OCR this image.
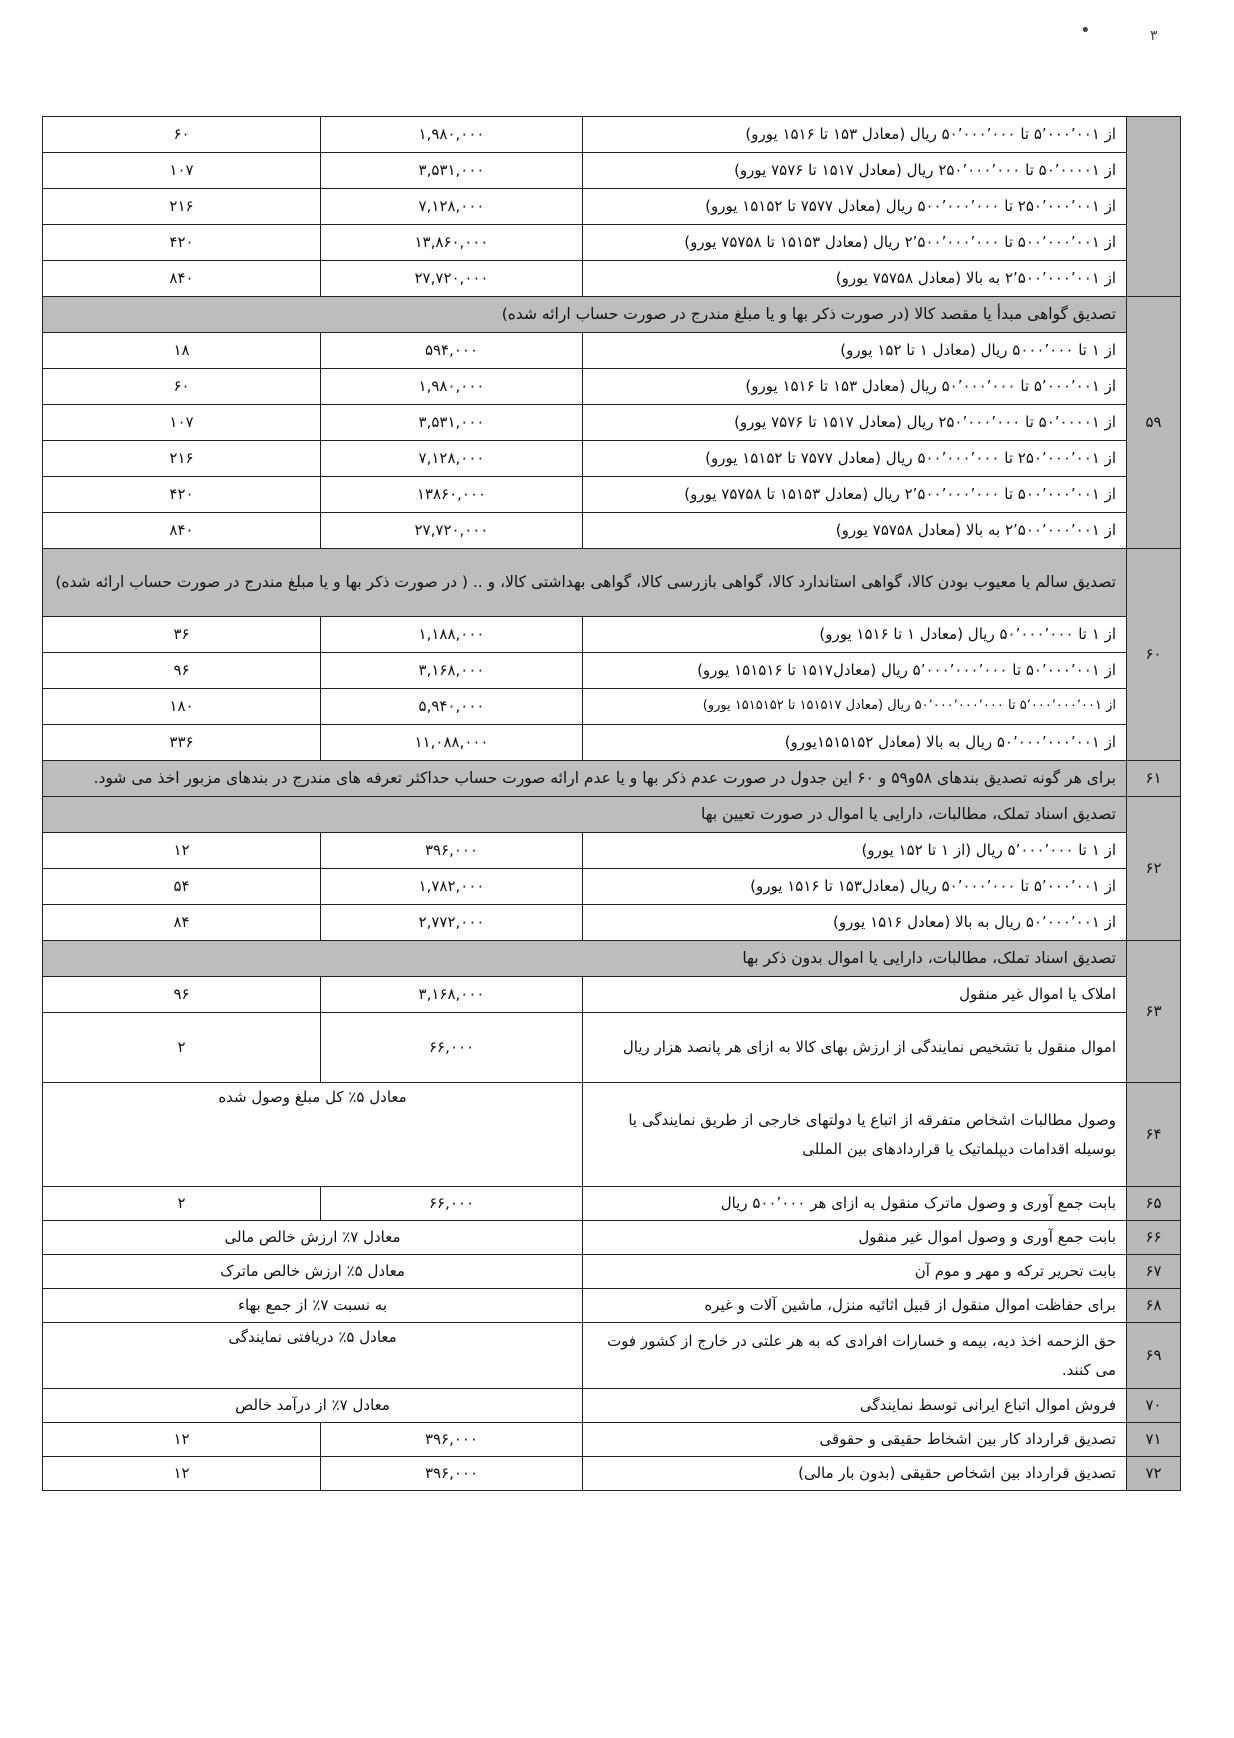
•	۳
	از ۵٬۰۰۰٬۰۰۱ تا ۵۰٬۰۰۰٬۰۰۰ ریال (معادل ۱۵۳ تا ۱۵۱۶ یورو)	۱,۹۸۰,۰۰۰	۶۰
	از ۵۰٬۰۰۰۰۱ تا ۲۵۰٬۰۰۰٬۰۰۰ ریال (معادل ۱۵۱۷ تا ۷۵۷۶ یورو)	۳,۵۳۱,۰۰۰	۱۰۷
	از ۲۵۰٬۰۰۰٬۰۰۱ تا ۵۰۰٬۰۰۰٬۰۰۰ ریال (معادل ۷۵۷۷ تا ۱۵۱۵۲ یورو)	۷,۱۲۸,۰۰۰	۲۱۶
	از ۵۰۰٬۰۰۰٬۰۰۱ تا ۲٬۵۰۰٬۰۰۰٬۰۰۰ ریال (معادل ۱۵۱۵۳ تا ۷۵۷۵۸ یورو)	۱۳,۸۶۰,۰۰۰	۴۲۰
	از ۲٬۵۰۰٬۰۰۰٬۰۰۱ به بالا (معادل ۷۵۷۵۸ یورو)	۲۷,۷۲۰,۰۰۰	۸۴۰
۵۹	تصدیق گواهی مبدأ یا مقصد کالا (در صورت ذکر بها و یا مبلغ مندرج در صورت حساب ارائه شده)		
	از ۱ تا ۵۰۰۰٬۰۰۰ ریال (معادل ۱ تا ۱۵۲ یورو)	۵۹۴,۰۰۰	۱۸
	از ۵٬۰۰۰٬۰۰۱ تا ۵۰٬۰۰۰٬۰۰۰ ریال (معادل ۱۵۳ تا ۱۵۱۶ یورو)	۱,۹۸۰,۰۰۰	۶۰
	از ۵۰٬۰۰۰۰۱ تا ۲۵۰٬۰۰۰٬۰۰۰ ریال (معادل ۱۵۱۷ تا ۷۵۷۶ یورو)	۳,۵۳۱,۰۰۰	۱۰۷
	از ۲۵۰٬۰۰۰٬۰۰۱ تا ۵۰۰٬۰۰۰٬۰۰۰ ریال (معادل ۷۵۷۷ تا ۱۵۱۵۲ یورو)	۷,۱۲۸,۰۰۰	۲۱۶
	از ۵۰۰٬۰۰۰٬۰۰۱ تا ۲٬۵۰۰٬۰۰۰٬۰۰۰ ریال (معادل ۱۵۱۵۳ تا ۷۵۷۵۸ یورو)	۱۳۸۶۰,۰۰۰	۴۲۰
	از ۲٬۵۰۰٬۰۰۰٬۰۰۱ به بالا (معادل ۷۵۷۵۸ یورو)	۲۷,۷۲۰,۰۰۰	۸۴۰
۶۰	تصدیق سالم یا معیوب بودن کالا، گواهی استاندارد کالا، گواهی بازرسی کالا، گواهی بهداشتی کالا، و .. ( در صورت ذکر بها و یا مبلغ مندرج در صورت حساب ارائه شده)		
	از ۱ تا ۵۰٬۰۰۰٬۰۰۰ ریال (معادل ۱ تا ۱۵۱۶ یورو)	۱,۱۸۸,۰۰۰	۳۶
	از ۵۰٬۰۰۰٬۰۰۱ تا ۵٬۰۰۰٬۰۰۰٬۰۰۰ ریال (معادل۱۵۱۷ تا ۱۵۱۵۱۶ یورو)	۳,۱۶۸,۰۰۰	۹۶
	از ۵٬۰۰۰٬۰۰۰٬۰۰۱ تا ۵۰٬۰۰۰٬۰۰۰٬۰۰۰ ریال (معادل ۱۵۱۵۱۷ تا ۱۵۱۵۱۵۲ یورو)	۵,۹۴۰,۰۰۰	۱۸۰
	از ۵۰٬۰۰۰٬۰۰۰٬۰۰۱ ریال به بالا (معادل ۱۵۱۵۱۵۲یورو)	۱۱,۰۸۸,۰۰۰	۳۳۶
۶۱	برای هر گونه تصدیق بندهای ۵۸و۵۹ و ۶۰ این جدول در صورت عدم ذکر بها و یا عدم ارائه صورت حساب حداکثر تعرفه های مندرج در بندهای مزبور اخذ می شود.		
۶۲	تصدیق اسناد تملک، مطالبات، دارایی یا اموال در صورت تعیین بها		
	از ۱ تا ۵٬۰۰۰٬۰۰۰ ریال (از ۱ تا ۱۵۲ یورو)	۳۹۶,۰۰۰	۱۲
	از ۵٬۰۰۰٬۰۰۱ تا ۵۰٬۰۰۰٬۰۰۰ ریال (معادل۱۵۳ تا ۱۵۱۶ یورو)	۱,۷۸۲,۰۰۰	۵۴
	از ۵۰٬۰۰۰٬۰۰۱ ریال به بالا (معادل ۱۵۱۶ یورو)	۲,۷۷۲,۰۰۰	۸۴
۶۳	تصدیق اسناد تملک، مطالبات، دارایی یا اموال بدون ذکر بها		
	املاک یا اموال غیر منقول	۳,۱۶۸,۰۰۰	۹۶
	اموال منقول با تشخیص نمایندگی از ارزش بهای کالا به ازای هر پانصد هزار ریال	۶۶,۰۰۰	۲
۶۴	وصول مطالبات اشخاص متفرقه از اتباع یا دولتهای خارجی از طریق نمایندگی یا بوسیله اقدامات دیپلماتیک یا قراردادهای بین المللی	معادل ۵٪ کل مبلغ وصول شده	
۶۵	بابت جمع آوری و وصول ماترک منقول به ازای هر ۵۰۰٬۰۰۰ ریال	۶۶,۰۰۰	۲
۶۶	بابت جمع آوری و وصول اموال غیر منقول	معادل ۷٪ ارزش خالص مالی	
۶۷	بابت تحریر ترکه و مهر و موم آن	معادل ۵٪ ارزش خالص ماترک	
۶۸	برای حفاظت اموال منقول از قبیل اثاثیه منزل، ماشین آلات و غیره	به نسبت ۷٪ از جمع بهاء	
۶۹	حق الزحمه اخذ دیه، بیمه و خسارات افرادی که به هر علتی در خارج از کشور فوت می کنند.	معادل ۵٪ دریافتی نمایندگی	
۷۰	فروش اموال اتباع ایرانی توسط نمایندگی	معادل ۷٪ از درآمد خالص	
۷۱	تصدیق قرارداد کار بین اشخاط حقیقی و حقوقی	۳۹۶,۰۰۰	۱۲
۷۲	تصدیق قرارداد بین اشخاص حقیقی (بدون بار مالی)	۳۹۶,۰۰۰	۱۲
